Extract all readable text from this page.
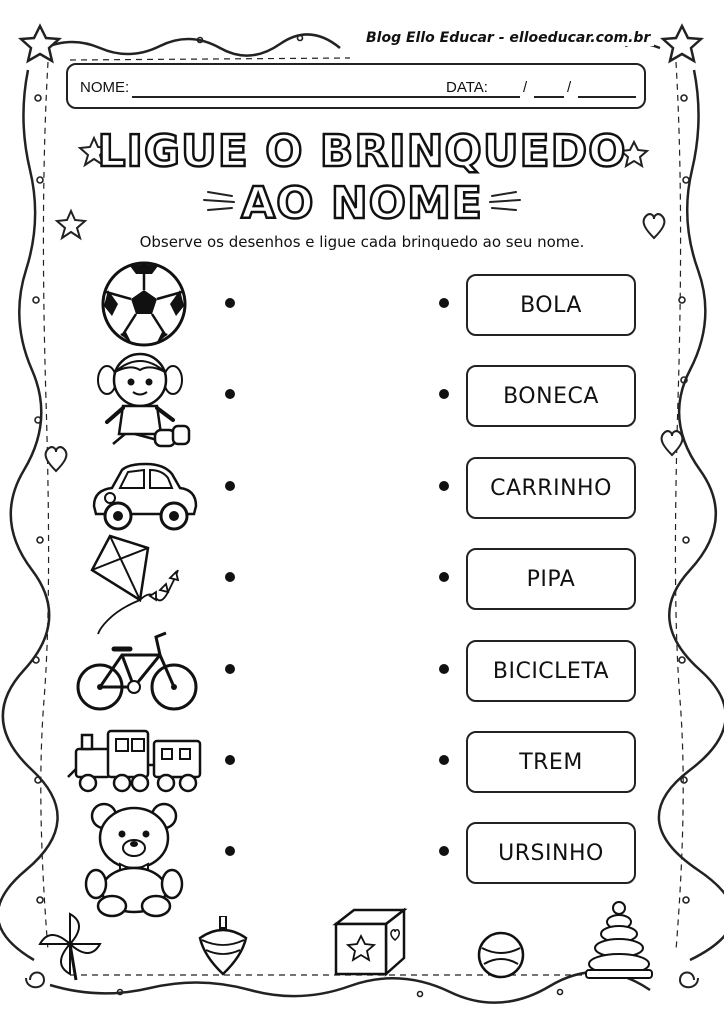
Blog Ello Educar - elloeducar.com.br
NOME:	DATA: /	/
LIGUE O BRINQUEDO
AO NOME
Observe os desenhos e ligue cada brinquedo ao seu nome.
BOLA
BONECA
CARRINHO
PIPA
BICICLETA
TREM
URSINHO
